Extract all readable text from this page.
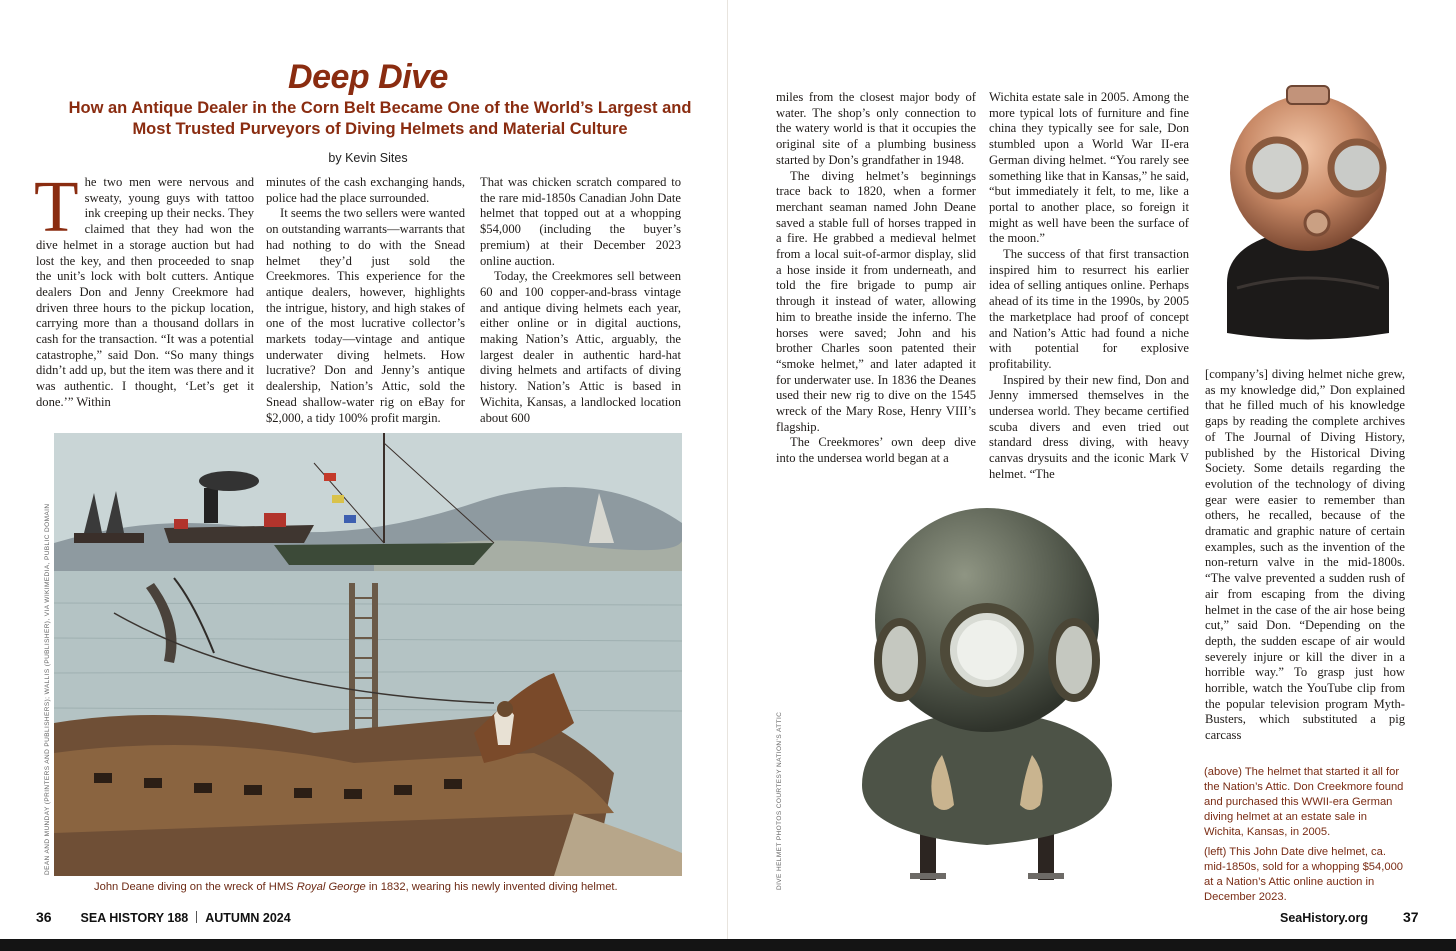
Deep Dive
How an Antique Dealer in the Corn Belt Became One of the World’s Largest and Most Trusted Purveyors of Diving Helmets and Material Culture
by Kevin Sites

The two men were nervous and sweaty, young guys with tattoo ink creeping up their necks. They claimed that they had won the dive helmet in a storage auction but had lost the key, and then proceeded to snap the unit’s lock with bolt cutters. Antique dealers Don and Jenny Creekmore had driven three hours to the pickup location, carrying more than a thousand dollars in cash for the transaction. “It was a potential catastrophe,” said Don. “So many things didn’t add up, but the item was there and it was authentic. I thought, ‘Let’s get it done.’” Within

minutes of the cash exchanging hands, police had the place surrounded.

It seems the two sellers were wanted on outstanding warrants—warrants that had nothing to do with the Snead helmet they’d just sold the Creekmores. This experience for the antique dealers, however, highlights the intrigue, history, and high stakes of one of the most lucrative collector’s markets today—vintage and antique underwater diving helmets. How lucrative? Don and Jenny’s antique dealership, Nation’s Attic, sold the Snead shallow-water rig on eBay for $2,000, a tidy 100% profit margin.

That was chicken scratch compared to the rare mid-1850s Canadian John Date helmet that topped out at a whopping $54,000 (including the buyer’s premium) at their December 2023 online auction.

Today, the Creekmores sell between 60 and 100 copper-and-brass vintage and antique diving helmets each year, either online or in digital auctions, making Nation’s Attic, arguably, the largest dealer in authentic hard-hat diving helmets and artifacts of diving history. Nation’s Attic is based in Wichita, Kansas, a landlocked location about 600

DEAN AND MUNDAY (PRINTERS AND PUBLISHERS); WALLIS (PUBLISHER), VIA WIKIMEDIA, PUBLIC DOMAIN
John Deane diving on the wreck of HMS Royal George in 1832, wearing his newly invented diving helmet.
36 SEA HISTORY 188 AUTUMN 2024

miles from the closest major body of water. The shop’s only connection to the watery world is that it occupies the original site of a plumbing business started by Don’s grandfather in 1948.

The diving helmet’s beginnings trace back to 1820, when a former merchant seaman named John Deane saved a stable full of horses trapped in a fire. He grabbed a medieval helmet from a local suit-of-armor display, slid a hose inside it from underneath, and told the fire brigade to pump air through it instead of water, allowing him to breathe inside the inferno. The horses were saved; John and his brother Charles soon patented their “smoke helmet,” and later adapted it for underwater use. In 1836 the Deanes used their new rig to dive on the 1545 wreck of the Mary Rose, Henry VIII’s flagship.

The Creekmores’ own deep dive into the undersea world began at a

Wichita estate sale in 2005. Among the more typical lots of furniture and fine china they typically see for sale, Don stumbled upon a World War II-era German diving helmet. “You rarely see something like that in Kansas,” he said, “but immediately it felt, to me, like a portal to another place, so foreign it might as well have been the surface of the moon.”

The success of that first transaction inspired him to resurrect his earlier idea of selling antiques online. Perhaps ahead of its time in the 1990s, by 2005 the marketplace had proof of concept and Nation’s Attic had found a niche with potential for explosive profitability.

Inspired by their new find, Don and Jenny immersed themselves in the undersea world. They became certified scuba divers and even tried out standard dress diving, with heavy canvas drysuits and the iconic Mark V helmet. “The

[company’s] diving helmet niche grew, as my knowledge did,” Don explained that he filled much of his knowledge gaps by reading the complete archives of The Journal of Diving History, published by the Historical Diving Society. Some details regarding the evolution of the technology of diving gear were easier to remember than others, he recalled, because of the dramatic and graphic nature of certain examples, such as the invention of the non-return valve in the mid-1800s. “The valve prevented a sudden rush of air from escaping from the diving helmet in the case of the air hose being cut,” said Don. “Depending on the depth, the sudden escape of air would severely injure or kill the diver in a horrible way.” To grasp just how horrible, watch the YouTube clip from the popular television program Myth-Busters, which substituted a pig carcass

DIVE HELMET PHOTOS COURTESY NATION’S ATTIC	(above) The helmet that started it all for the Nation’s Attic. Don Creekmore found and purchased this WWII-era German diving helmet at an estate sale in Wichita, Kansas, in 2005.

(left) This John Date dive helmet, ca. mid-1850s, sold for a whopping $54,000 at a Nation’s Attic online auction in December 2023.

SeaHistory.org 37
